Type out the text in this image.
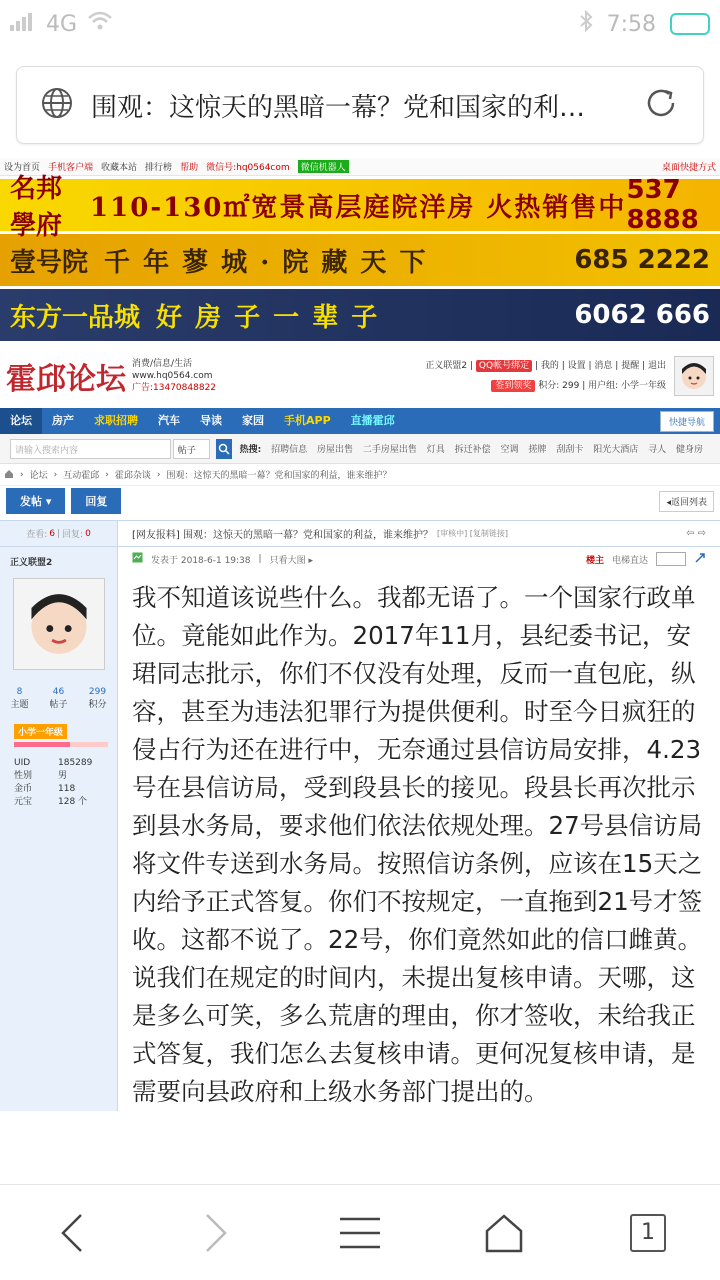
4G	7:58
围观：这惊天的黑暗一幕？党和国家的利…
设为首页 手机客户端 收藏本站 排行榜 帮助 微信号:hq0564com	微信机器人	桌面快捷方式
名邦學府
110-130㎡宽景高层庭院洋房 火热销售中
537 8888
壹号院 千 年 蓼 城 · 院 藏 天 下	685 2222
东方一品城 好 房 子 一 辈 子	6062 666
霍邱论坛 消费/信息/生活
www.hq0564.com
广告:13470848822
正义联盟2 | QQ帐号绑定 | 我的 | 设置 | 消息 | 提醒 | 退出
签到领奖 积分: 299 | 用户组: 小学一年级
论坛	房产	求职招聘	汽车	导读	家园	手机APP	直播霍邱	快捷导航
请输入搜索内容	帖子	热搜: 招聘信息 房屋出售 二手房屋出售 灯具 拆迁补偿 空调 搓牌 刮刮卡 阳光大酒店 寻人 健身房
› 论坛 › 互动霍邱 › 霍邱杂谈 › 围观：这惊天的黑暗一幕？党和国家的利益，谁来维护？
发帖 ▾	回复	◂返回列表
查看: 6 | 回复: 0
正义联盟2
8
主题
46
帖子
299
积分
小学一年级
UID	185289
性别	男
金币	118
元宝	128 个
[网友报料] 围观：这惊天的黑暗一幕？党和国家的利益，谁来维护？ [审核中] [复制链接]	⇦ ⇨
发表于 2018-6-1 19:38 | 只看大图 ▸	楼主 电梯直达
我不知道该说些什么。我都无语了。一个国家行政单位。竟能如此作为。2017年11月，县纪委书记，安珺同志批示，你们不仅没有处理，反而一直包庇，纵容，甚至为违法犯罪行为提供便利。时至今日疯狂的侵占行为还在进行中，无奈通过县信访局安排，4.23号在县信访局，受到段县长的接见。段县长再次批示到县水务局，要求他们依法依规处理。27号县信访局将文件专送到水务局。按照信访条例，应该在15天之内给予正式答复。你们不按规定，一直拖到21号才签收。这都不说了。22号，你们竟然如此的信口雌黄。说我们在规定的时间内，未提出复核申请。天哪，这是多么可笑，多么荒唐的理由，你才签收，未给我正式答复，我们怎么去复核申请。更何况复核申请，是需要向县政府和上级水务部门提出的。
1
